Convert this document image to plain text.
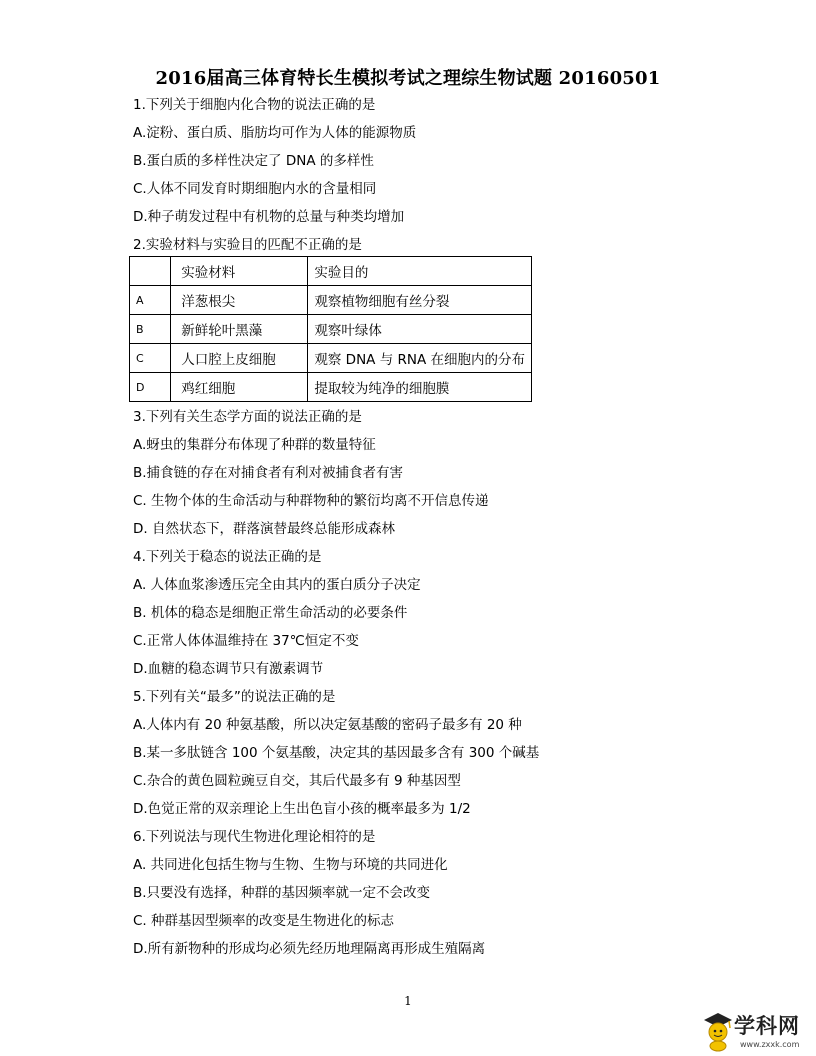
2016届高三体育特长生模拟考试之理综生物试题 20160501
1.下列关于细胞内化合物的说法正确的是
A.淀粉、蛋白质、脂肪均可作为人体的能源物质
B.蛋白质的多样性决定了 DNA 的多样性
C.人体不同发育时期细胞内水的含量相同
D.种子萌发过程中有机物的总量与种类均增加
2.实验材料与实验目的匹配不正确的是
	实验材料	实验目的
A	洋葱根尖	观察植物细胞有丝分裂
B	新鲜轮叶黑藻	观察叶绿体
C	人口腔上皮细胞	观察 DNA 与 RNA 在细胞内的分布
D	鸡红细胞	提取较为纯净的细胞膜
3.下列有关生态学方面的说法正确的是
A.蚜虫的集群分布体现了种群的数量特征
B.捕食链的存在对捕食者有利对被捕食者有害
C. 生物个体的生命活动与种群物种的繁衍均离不开信息传递
D. 自然状态下，群落演替最终总能形成森林
4.下列关于稳态的说法正确的是
A. 人体血浆渗透压完全由其内的蛋白质分子决定
B. 机体的稳态是细胞正常生命活动的必要条件
C.正常人体体温维持在 37℃恒定不变
D.血糖的稳态调节只有激素调节
5.下列有关“最多”的说法正确的是
A.人体内有 20 种氨基酸，所以决定氨基酸的密码子最多有 20 种
B.某一多肽链含 100 个氨基酸，决定其的基因最多含有 300 个碱基
C.杂合的黄色圆粒豌豆自交，其后代最多有 9 种基因型
D.色觉正常的双亲理论上生出色盲小孩的概率最多为 1/2
6.下列说法与现代生物进化理论相符的是
A. 共同进化包括生物与生物、生物与环境的共同进化
B.只要没有选择，种群的基因频率就一定不会改变
C. 种群基因型频率的改变是生物进化的标志
D.所有新物种的形成均必须先经历地理隔离再形成生殖隔离
1
学科网
www.zxxk.com
